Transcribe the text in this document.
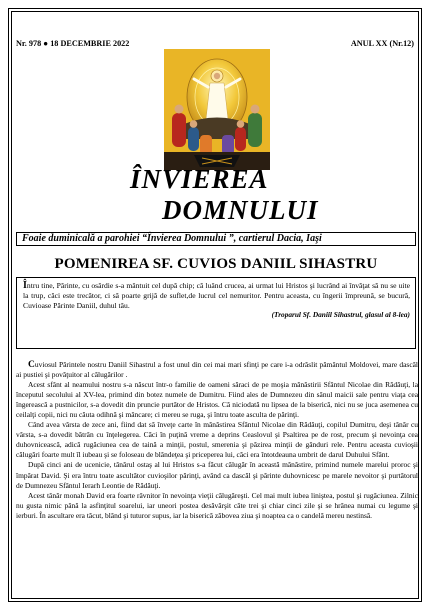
Nr. 978 ● 18 DECEMBRIE 2022	ANUL XX (Nr.12)
ÎNVIEREA
DOMNULUI
Foaie duminicală a parohiei “Învierea Domnului ”, cartierul Dacia, Iaşi
POMENIREA SF. CUVIOS DANIIL SIHASTRU
Întru tine, Părinte, cu osârdie s-a mântuit cel după chip; că luând crucea, ai urmat lui Hristos şi lucrând ai învăţat să nu se uite la trup, căci este trecător, ci să poarte grijă de suflet,de lucrul cel nemuritor. Pentru aceasta, cu îngerii împreună, se bucură, Cuvioase Părinte Daniil, duhul tău.
(Troparul Sf. Daniil Sihastrul, glasul al 8-lea)

Cuviosul Părintele nostru Daniil Sihastrul a fost unul din cei mai mari sfinţi pe care i-a odrăslit pământul Moldovei, mare dascăl ai pustiei şi povăţuitor al călugărilor .

Acest sfânt al neamului nostru s-a născut într-o familie de oameni săraci de pe moşia mănăstirii Sfântul Nicolae din Rădăuţi, la începutul secolului al XV-lea, primind din botez numele de Dumitru. Fiind ales de Dumnezeu din sânul maicii sale pentru viaţa cea îngerească a pustnicilor, s-a dovedit din pruncie purtător de Hristos. Că niciodată nu lipsea de la biserică, nici nu se juca asemenea cu ceilalţi copii, nici nu căuta odihnă şi mâncare; ci mereu se ruga, şi întru toate asculta de părinţi.

Când avea vârsta de zece ani, fiind dat să înveţe carte în mănăstirea Sfântul Nicolae din Rădăuţi, copilul Dumitru, deşi tânăr cu vârsta, s-a dovedit bătrân cu înţelegerea. Căci în puţină vreme a deprins Ceaslovul şi Psaltirea pe de rost, precum şi nevoinţa cea duhovnicească, adică rugăciunea cea de taină a minţii, postul, smerenia şi păzirea minţii de gânduri rele. Pentru aceasta cuvioşii călugări foarte mult îl iubeau şi se foloseau de blândeţea şi priceperea lui, căci era întotdeauna umbrit de darul Duhului Sfânt.

După cinci ani de ucenicie, tânărul ostaş al lui Hristos s-a făcut călugăr în această mănăstire, primind numele marelui proroc şi împărat David. Şi era întru toate ascultător cuvioşilor părinţi, având ca dascăl şi părinte duhovnicesc pe marele nevoitor şi purtătorul de Dumnezeu Sfântul Ierarh Leontie de Rădăuţi.

Acest tânăr monah David era foarte râvnitor în nevoinţa vieţii călugăreşti. Cel mai mult iubea liniştea, postul şi rugăciunea. Zilnic nu gusta nimic până la asfinţitul soarelui, iar uneori postea desăvârşit câte trei şi chiar cinci zile şi se hrănea numai cu legume şi ierburi. În ascultare era tăcut, blând şi tuturor supus, iar la biserică zăbovea ziua şi noaptea ca o candelă mereu nestinsă.
